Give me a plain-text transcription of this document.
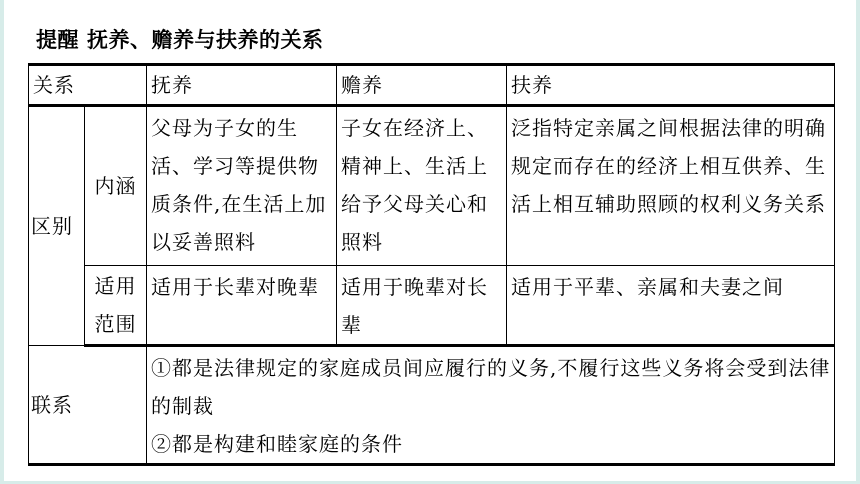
提醒 抚养、赡养与扶养的关系
关系		抚养	赡养	扶养
区别	内涵	父母为子女的生活、学习等提供物质条件,在生活上加以妥善照料	子女在经济上、精神上、生活上给予父母关心和照料	泛指特定亲属之间根据法律的明确规定而存在的经济上相互供养、生活上相互辅助照顾的权利义务关系
	适用范围	适用于长辈对晚辈	适用于晚辈对长辈	适用于平辈、亲属和夫妻之间
联系		①都是法律规定的家庭成员间应履行的义务,不履行这些义务将会受到法律的制裁
②都是构建和睦家庭的条件		
